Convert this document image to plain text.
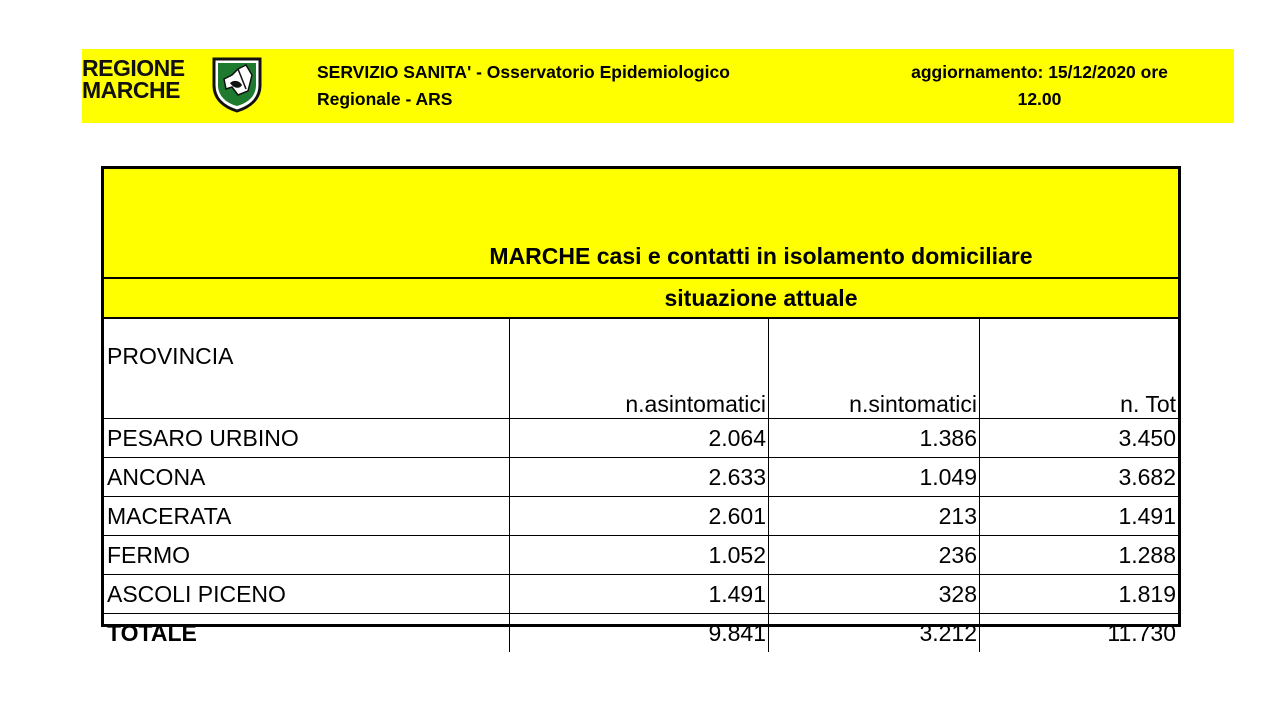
REGIONE
MARCHE
SERVIZIO SANITA' - Osservatorio Epidemiologico
Regionale - ARS
aggiornamento: 15/12/2020 ore
12.00
MARCHE casi e contatti in isolamento domiciliare
situazione attuale
PROVINCIA	n.asintomatici	n.sintomatici	n. Tot
PESARO URBINO	2.064	1.386	3.450
ANCONA	2.633	1.049	3.682
MACERATA	2.601	213	1.491
FERMO	1.052	236	1.288
ASCOLI PICENO	1.491	328	1.819
TOTALE	9.841	3.212	11.730
